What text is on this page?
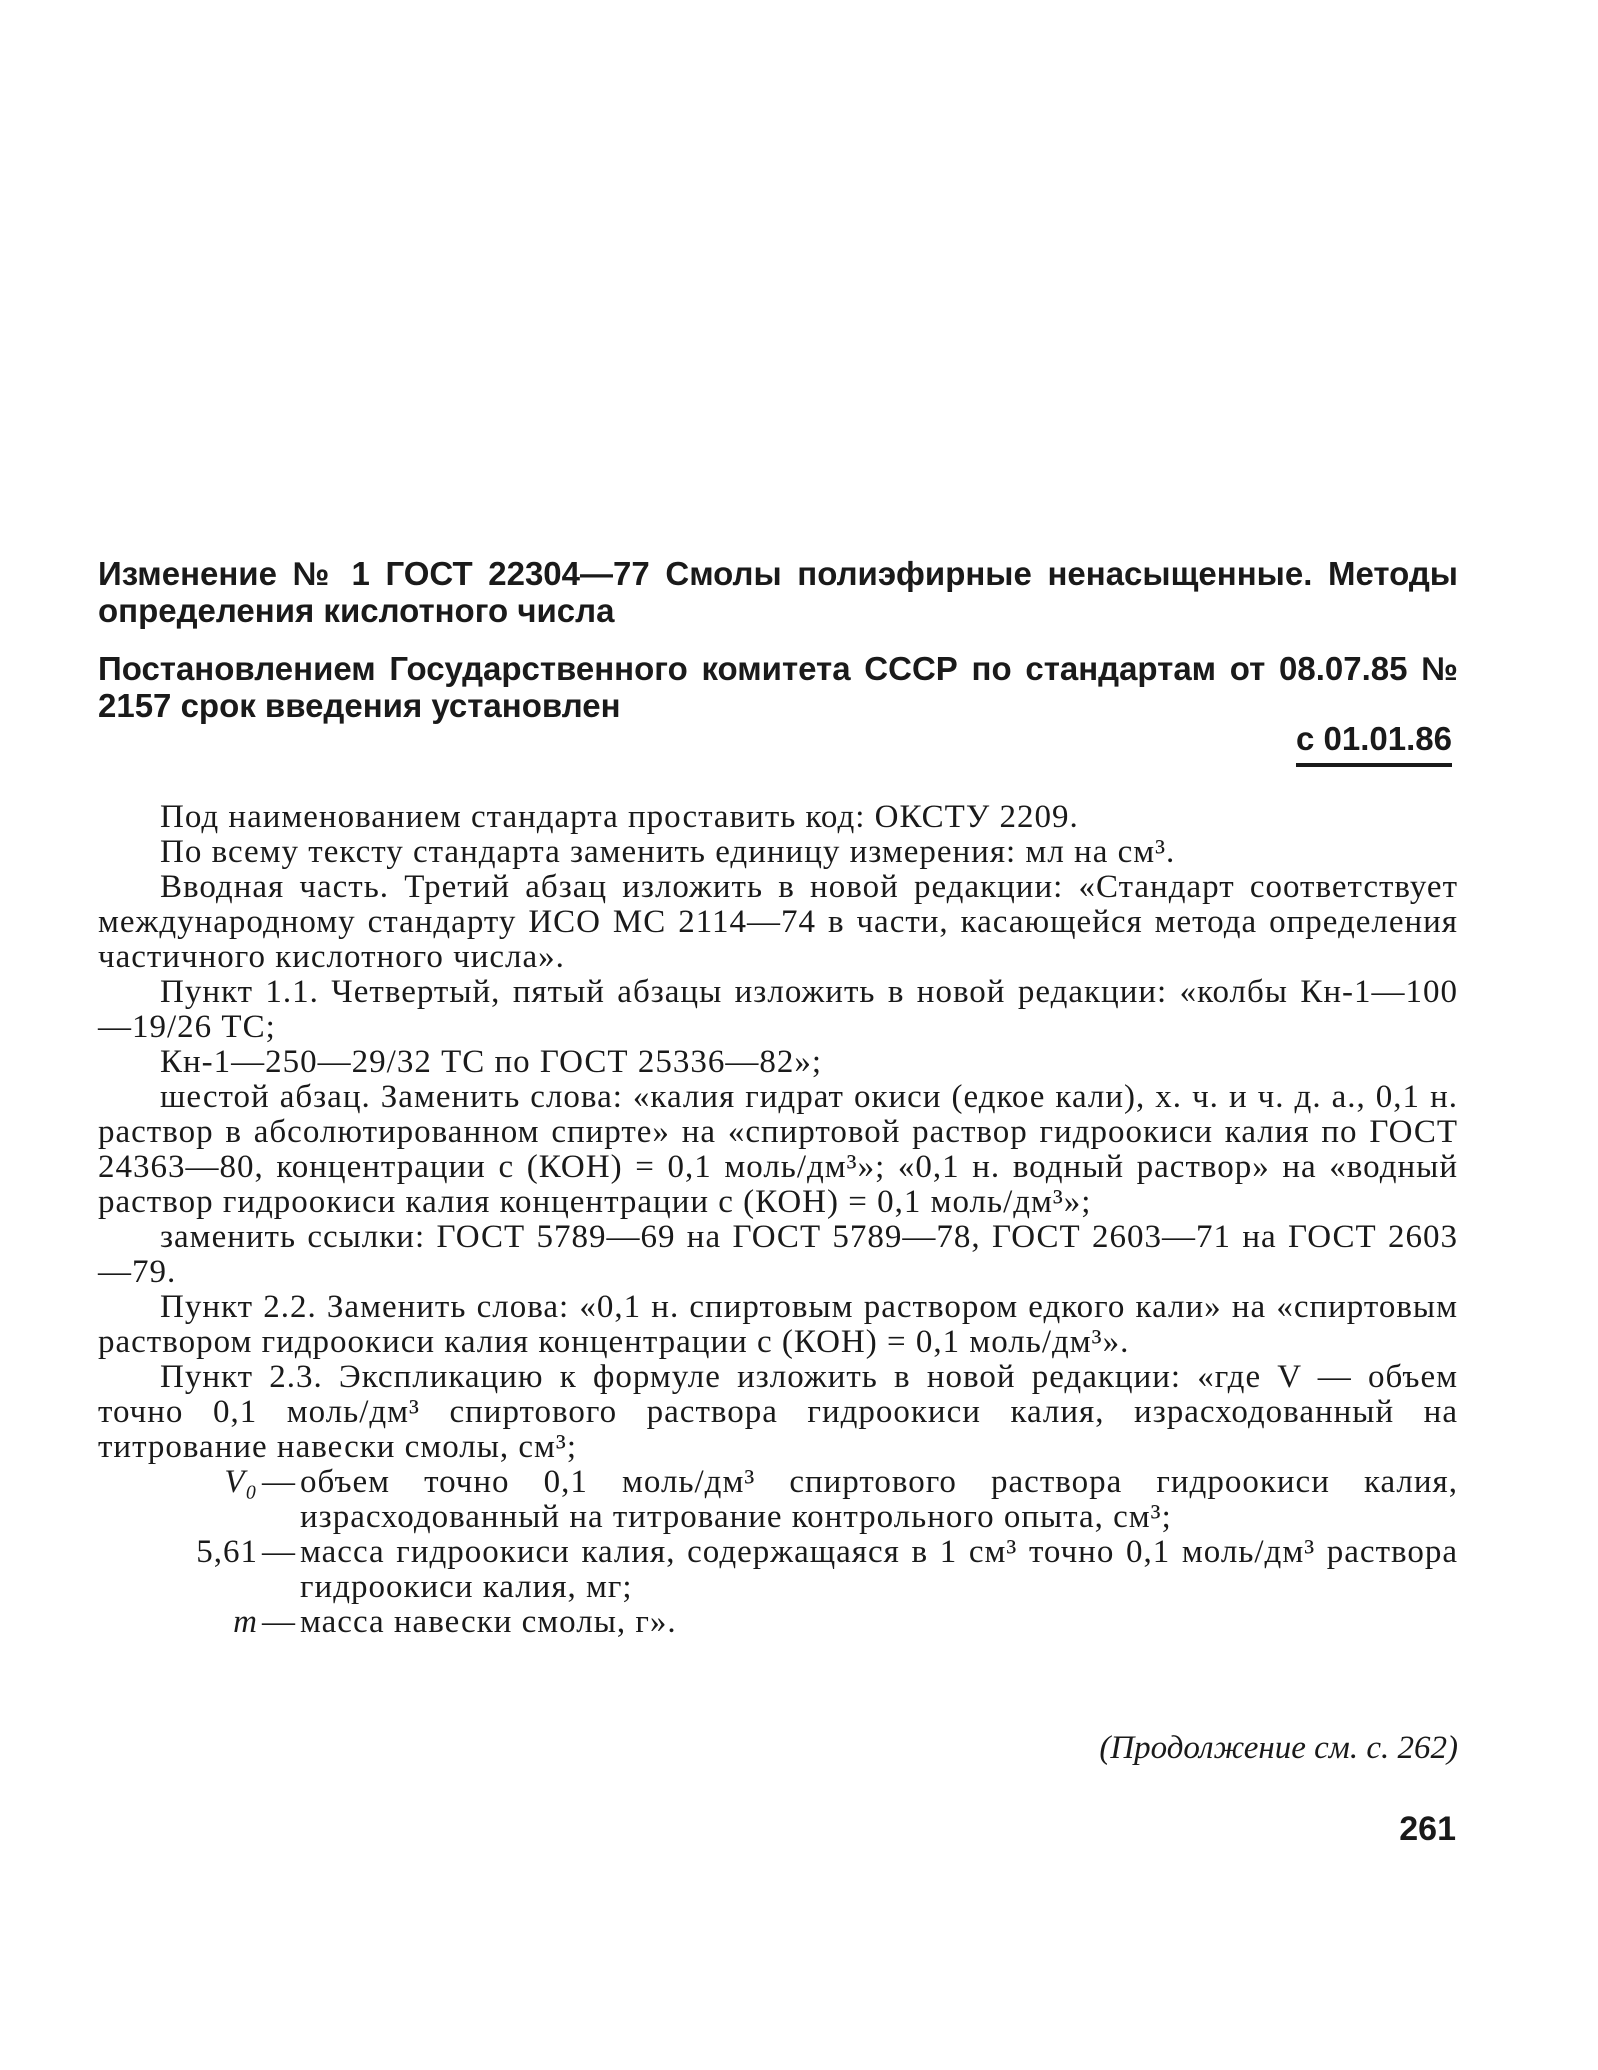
Изменение № 1 ГОСТ 22304—77 Смолы полиэфирные ненасыщенные. Методы определения кислотного числа

Постановлением Государственного комитета СССР по стандартам от 08.07.85 № 2157 срок введения установлен

с 01.01.86

Под наименованием стандарта проставить код: ОКСТУ 2209.

По всему тексту стандарта заменить единицу измерения: мл на см³.

Вводная часть. Третий абзац изложить в новой редакции: «Стандарт соответствует международному стандарту ИСО МС 2114—74 в части, касающейся метода определения частичного кислотного числа».

Пункт 1.1. Четвертый, пятый абзацы изложить в новой редакции: «колбы Кн-1—100—19/26 ТС;

Кн-1—250—29/32 ТС по ГОСТ 25336—82»;

шестой абзац. Заменить слова: «калия гидрат окиси (едкое кали), х. ч. и ч. д. а., 0,1 н. раствор в абсолютированном спирте» на «спиртовой раствор гидроокиси калия по ГОСТ 24363—80, концентрации с (КОН) = 0,1 моль/дм³»; «0,1 н. водный раствор» на «водный раствор гидроокиси калия концентрации с (КОН) = 0,1 моль/дм³»;

заменить ссылки: ГОСТ 5789—69 на ГОСТ 5789—78, ГОСТ 2603—71 на ГОСТ 2603—79.

Пункт 2.2. Заменить слова: «0,1 н. спиртовым раствором едкого кали» на «спиртовым раствором гидроокиси калия концентрации с (КОН) = 0,1 моль/дм³».

Пункт 2.3. Экспликацию к формуле изложить в новой редакции: «где V — объем точно 0,1 моль/дм³ спиртового раствора гидроокиси калия, израсходованный на титрование навески смолы, см³;

V₀ — объем точно 0,1 моль/дм³ спиртового раствора гидроокиси калия, израсходованный на титрование контрольного опыта, см³;
5,61 — масса гидроокиси калия, содержащаяся в 1 см³ точно 0,1 моль/дм³ раствора гидроокиси калия, мг;
m — масса навески смолы, г».
(Продолжение см. с. 262)
261
